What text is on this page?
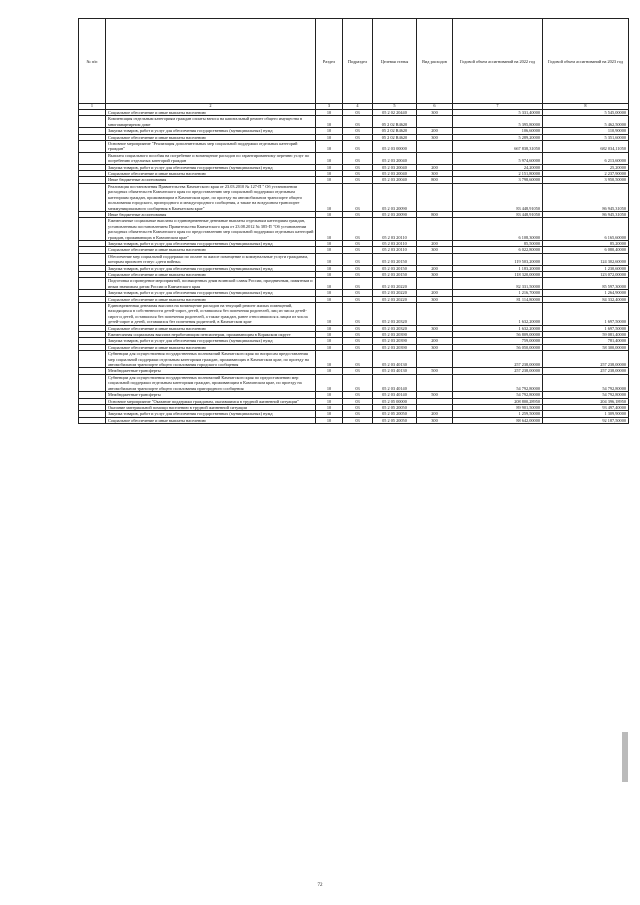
№ п/п		Раздел	Подраздел	Целевая статья	Вид расходов	Годовой объем ассигнований на 2022 год	Годовой объем ассигнований на 2023 год
1	2	3	4	5	6	7	8
	Социальное обеспечение и иные выплаты населению	10	03	05 2 02 20440	300	5 331,40000	5 545,00000
	Компенсация отдельным категориям граждан оплаты взноса на капитальный ремонт общего имущества в многоквартирном доме	10	03	05 2 02 R4620		5 395,80000	5 462,50000
	Закупка товаров, работ и услуг для обеспечения государственных (муниципальных) нужд	10	03	05 2 02 R4620	200	106,60000	110,90000
	Социальное обеспечение и иные выплаты населению	10	03	05 2 02 R4620	300	5 289,20000	5 351,60000
	Основное мероприятие "Реализация дополнительных мер социальной поддержки отдельных категорий граждан"	10	03	05 2 03 00000		667 838,31050	682 034,11050
	Выплата социального пособия на погребение и возмещение расходов по гарантированному перечню услуг по погребению отдельных категорий граждан	10	03	05 2 03 20040		5 974,60000	6 213,60000
	Закупка товаров, работ и услуг для обеспечения государственных (муниципальных) нужд	10	03	05 2 03 20040	200	24,20000	25,20000
	Социальное обеспечение и иные выплаты населению	10	03	05 2 03 20040	300	2 151,80000	2 237,90000
	Иные бюджетные ассигнования	10	03	05 2 03 20040	800	3 798,60000	3 950,50000
	Реализация постановления Правительства Камчатского края от 23.03.2010 № 127-П " Об установлении расходных обязательств Камчатского края по предоставлению мер социальной поддержки отдельным категориям граждан, проживающим в Камчатском крае, по проезду на автомобильном транспорте общего пользования городского, пригородного и междугородного сообщения, а также на воздушном транспорте межмуниципального сообщения в Камчатском крае"	10	03	05 2 03 20090		83 448,91050	86 945,31050
	Иные бюджетные ассигнования	10	03	05 2 03 20090	800	83 448,91050	86 945,31050
	Ежемесячные социальные выплаты и единовременные денежные выплаты отдельным категориям граждан, установленным постановлением Правительства Камчатского края от 23.08.2012 № 385-П "Об установлении расходных обязательств Камчатского края по предоставлению мер социальной поддержки отдельных категорий граждан, проживающих в Камчатском крае"	10	03	05 2 03 20110		6 108,30000	6 165,60000
	Закупка товаров, работ и услуг для обеспечения государственных (муниципальных) нужд	10	03	05 2 03 20110	200	85,50000	85,20000
	Социальное обеспечение и иные выплаты населению	10	03	05 2 03 20110	300	6 022,80000	6 080,40000
	Обеспечение мер социальной поддержки по оплате за жилое помещение и коммунальные услуги гражданам, которым присвоен статус «дети войны»	10	03	05 2 03 20150		119 503,20000	124 302,60000
	Закупка товаров, работ и услуг для обеспечения государственных (муниципальных) нужд	10	03	05 2 03 20150	200	1 183,20000	1 230,60000
	Социальное обеспечение и иные выплаты населению	10	03	05 2 03 20150	300	118 320,00000	123 072,00000
	Подготовка и проведение мероприятий, посвященных дням воинской славы России, праздничным, памятным и иным значимым датам России и Камчатского края	10	03	05 2 03 20220		82 331,50000	85 597,30000
	Закупка товаров, работ и услуг для обеспечения государственных (муниципальных) нужд	10	03	05 2 03 20220	200	1 216,70000	1 264,90000
	Социальное обеспечение и иные выплаты населению	10	03	05 2 03 20220	300	81 114,80000	84 332,40000
	Единовременная денежная выплата на возмещение расходов на текущий ремонт жилых помещений, находящихся в собственности детей-сирот, детей, оставшихся без попечения родителей, лиц из числа детей-сирот и детей, оставшихся без попечения родителей, а также граждан, ранее относившихся к лицам из числа детей-сирот и детей, оставшихся без попечения родителей, в Камчатском крае	10	03	05 2 03 20320		1 632,20000	1 697,50000
	Социальное обеспечение и иные выплаты населению	10	03	05 2 03 20320	300	1 632,20000	1 697,50000
	Ежемесячная социальная выплата неработающим пенсионерам, проживающим в Корякском округе	10	03	05 2 03 20390		56 809,00000	59 081,40000
	Закупка товаров, работ и услуг для обеспечения государственных (муниципальных) нужд	10	03	05 2 03 20390	200	759,00000	781,40000
	Социальное обеспечение и иные выплаты населению	10	03	05 2 03 20390	300	56 050,00000	58 300,00000
	Субвенции для осуществления государственных полномочий Камчатского края по вопросам предоставления мер социальной поддержки отдельным категориям граждан, проживающих в Камчатском крае, по проезду на автомобильном транспорте общего пользования городского сообщения	10	03	05 2 03 40130		257 238,00000	257 238,00000
	Межбюджетные трансферты	10	03	05 2 03 40130	500	257 238,00000	257 238,00000
	Субвенции для осуществления государственных полномочий Камчатского края по предоставлению мер социальной поддержки отдельным категориям граждан, проживающим в Камчатском крае, по проезду на автомобильном транспорте общего пользования пригородного сообщения	10	03	05 2 03 40140		54 792,80000	54 792,80000
	Межбюджетные трансферты	10	03	05 2 03 40140	500	54 792,80000	54 792,80000
	Основное мероприятие "Оказание поддержки гражданам, оказавшимся в трудной жизненной ситуации"	10	03	05 2 05 00000		208 800,28950	204 396,18950
	Оказание материальной помощи населению в трудной жизненной ситуации	10	03	05 2 05 20050		89 901,50000	93 497,40000
	Закупка товаров, работ и услуг для обеспечения государственных (муниципальных) нужд	10	03	05 2 05 20050	200	1 259,50000	1 309,90000
	Социальное обеспечение и иные выплаты населению	10	03	05 2 05 20050	300	88 642,00000	92 187,50000
72
